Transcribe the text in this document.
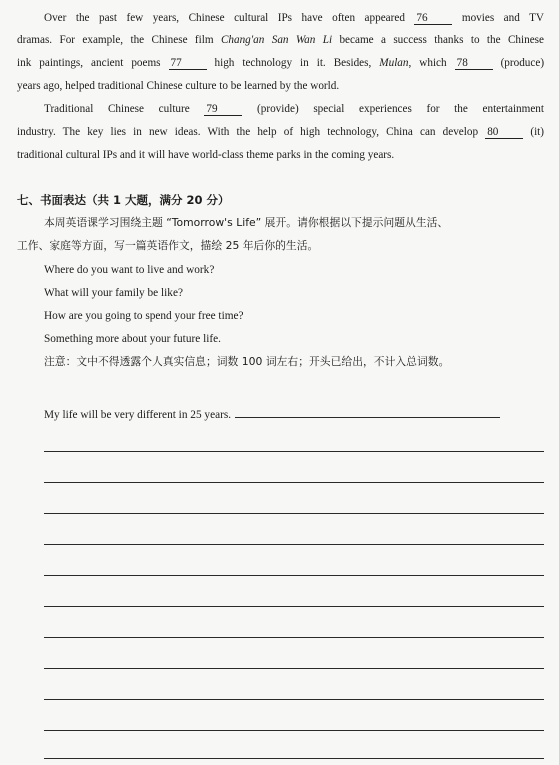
Over the past few years, Chinese cultural IPs have often appeared 76	movies and TV
dramas. For example, the Chinese film Chang'an San Wan Li became a success thanks to the Chinese
ink paintings, ancient poems 77	high technology in it. Besides, Mulan, which 78	(produce)
years ago, helped traditional Chinese culture to be learned by the world.
Traditional Chinese culture 79	(provide) special experiences for the entertainment
industry. The key lies in new ideas. With the help of high technology, China can develop 80	(it)
traditional cultural IPs and it will have world-class theme parks in the coming years.
七、书面表达（共 1 大题，满分 20 分）
本周英语课学习围绕主题 “Tomorrow's Life” 展开。请你根据以下提示问题从生活、
工作、家庭等方面，写一篇英语作文，描绘 25 年后你的生活。
Where do you want to live and work?
What will your family be like?
How are you going to spend your free time?
Something more about your future life.
注意：文中不得透露个人真实信息；词数 100 词左右；开头已给出，不计入总词数。
My life will be very different in 25 years.
